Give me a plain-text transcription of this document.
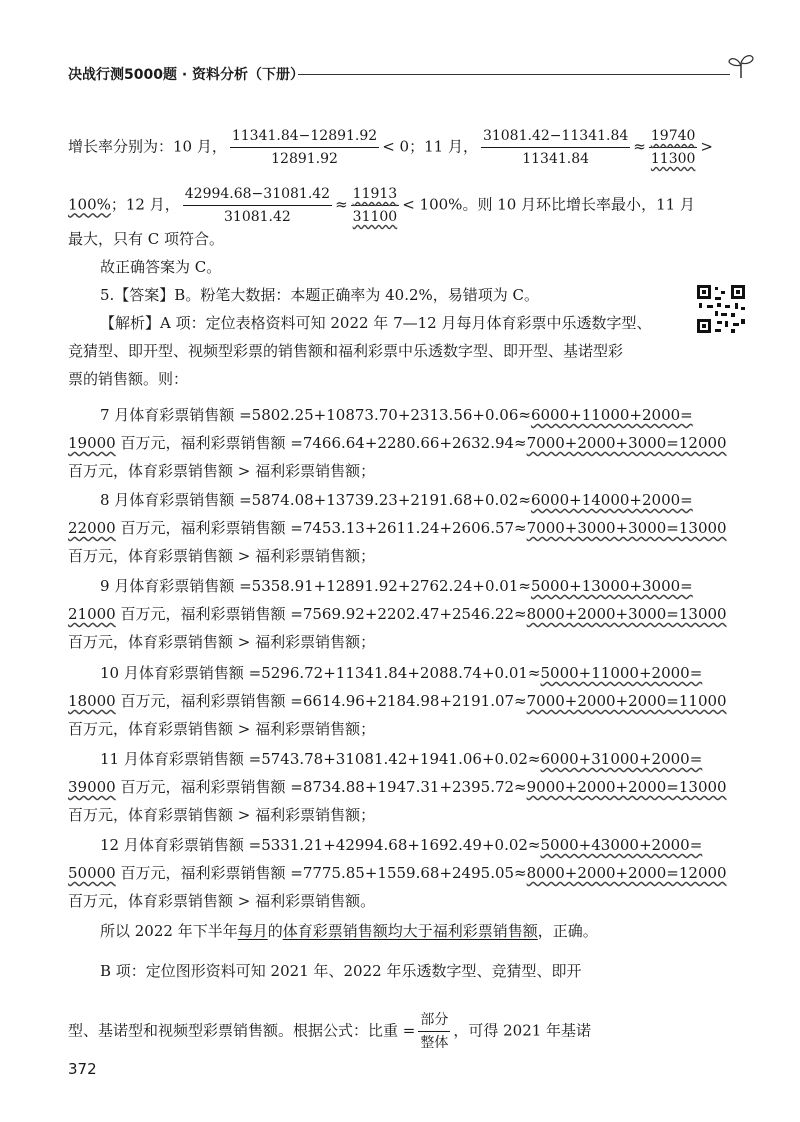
决战行测5000题 · 资料分析（下册）
增长率分别为：10 月， $\frac{11341.84-12891.92}{12891.92} < 0$；11 月， $\frac{31081.42-11341.84}{11341.84} \approx \frac{19740}{11300}$ >
100%；12 月， $\frac{42994.68-31081.42}{31081.42} \approx \frac{11913}{31100} < 100\%$。则 10 月环比增长率最小，11 月
最大，只有 C 项符合。
故正确答案为 C。
5.【答案】B。粉笔大数据：本题正确率为 40.2%，易错项为 C。
【解析】A 项：定位表格资料可知 2022 年 7—12 月每月体育彩票中乐透数字型、
竞猜型、即开型、视频型彩票的销售额和福利彩票中乐透数字型、即开型、基诺型彩
票的销售额。则：
7 月体育彩票销售额 =5802.25+10873.70+2313.56+0.06≈6000+11000+2000=
19000 百万元，福利彩票销售额 =7466.64+2280.66+2632.94≈7000+2000+3000=12000
百万元，体育彩票销售额 > 福利彩票销售额；
8 月体育彩票销售额 =5874.08+13739.23+2191.68+0.02≈6000+14000+2000=
22000 百万元，福利彩票销售额 =7453.13+2611.24+2606.57≈7000+3000+3000=13000
百万元，体育彩票销售额 > 福利彩票销售额；
9 月体育彩票销售额 =5358.91+12891.92+2762.24+0.01≈5000+13000+3000=
21000 百万元，福利彩票销售额 =7569.92+2202.47+2546.22≈8000+2000+3000=13000
百万元，体育彩票销售额 > 福利彩票销售额；
10 月体育彩票销售额 =5296.72+11341.84+2088.74+0.01≈5000+11000+2000=
18000 百万元，福利彩票销售额 =6614.96+2184.98+2191.07≈7000+2000+2000=11000
百万元，体育彩票销售额 > 福利彩票销售额；
11 月体育彩票销售额 =5743.78+31081.42+1941.06+0.02≈6000+31000+2000=
39000 百万元，福利彩票销售额 =8734.88+1947.31+2395.72≈9000+2000+2000=13000
百万元，体育彩票销售额 > 福利彩票销售额；
12 月体育彩票销售额 =5331.21+42994.68+1692.49+0.02≈5000+43000+2000=
50000 百万元，福利彩票销售额 =7775.85+1559.68+2495.05≈8000+2000+2000=12000
百万元，体育彩票销售额 > 福利彩票销售额。
所以 2022 年下半年每月的体育彩票销售额均大于福利彩票销售额，正确。
B 项：定位图形资料可知 2021 年、2022 年乐透数字型、竞猜型、即开
型、基诺型和视频型彩票销售额。根据公式：比重 = $\frac{\text{部分}}{\text{整体}}$ ，可得 2021 年基诺
372
